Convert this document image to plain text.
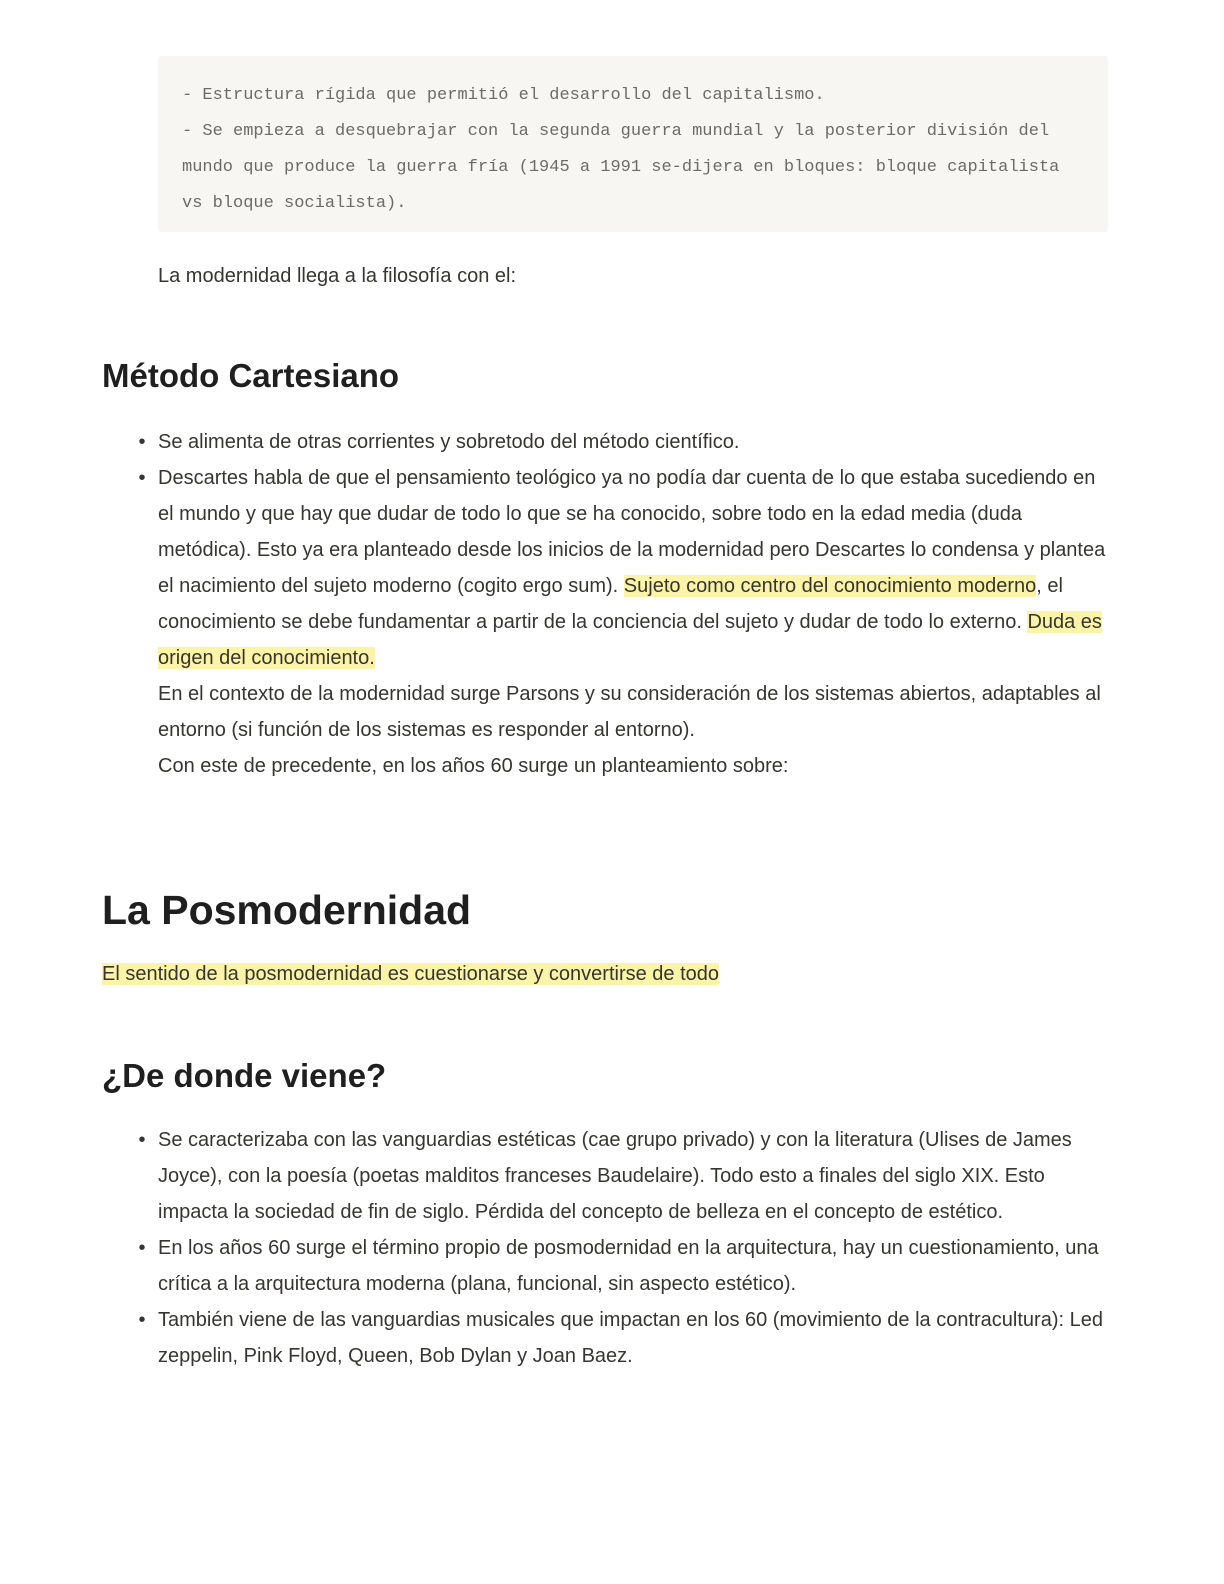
- Estructura rígida que permitió el desarrollo del capitalismo.
- Se empieza a desquebrajar con la segunda guerra mundial y la posterior división del mundo que produce la guerra fría (1945 a 1991 se-dijera en bloques: bloque capitalista vs bloque socialista).
La modernidad llega a la filosofía con el:
Método Cartesiano
• Se alimenta de otras corrientes y sobretodo del método científico.
• Descartes habla de que el pensamiento teológico ya no podía dar cuenta de lo que estaba sucediendo en el mundo y que hay que dudar de todo lo que se ha conocido, sobre todo en la edad media (duda metódica). Esto ya era planteado desde los inicios de la modernidad pero Descartes lo condensa y plantea el nacimiento del sujeto moderno (cogito ergo sum). Sujeto como centro del conocimiento moderno, el conocimiento se debe fundamentar a partir de la conciencia del sujeto y dudar de todo lo externo. Duda es origen del conocimiento.
En el contexto de la modernidad surge Parsons y su consideración de los sistemas abiertos, adaptables al entorno (si función de los sistemas es responder al entorno).
Con este de precedente, en los años 60 surge un planteamiento sobre:
La Posmodernidad
El sentido de la posmodernidad es cuestionarse y convertirse de todo
¿De donde viene?
• Se caracterizaba con las vanguardias estéticas (cae grupo privado) y con la literatura (Ulises de James Joyce), con la poesía (poetas malditos franceses Baudelaire). Todo esto a finales del siglo XIX. Esto impacta la sociedad de fin de siglo. Pérdida del concepto de belleza en el concepto de estético.
• En los años 60 surge el término propio de posmodernidad en la arquitectura, hay un cuestionamiento, una crítica a la arquitectura moderna (plana, funcional, sin aspecto estético).
• También viene de las vanguardias musicales que impactan en los 60 (movimiento de la contracultura): Led zeppelin, Pink Floyd, Queen, Bob Dylan y Joan Baez.
